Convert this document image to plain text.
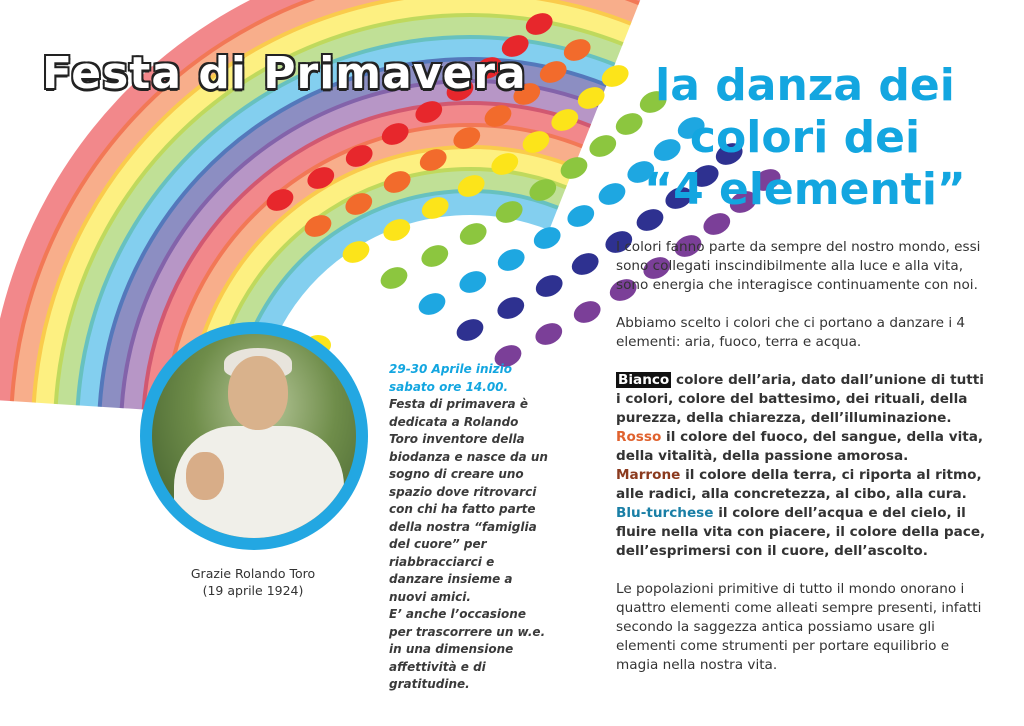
Festa di Primavera	la danza dei
colori dei
“4 elementi”
Grazie Rolando Toro
(19 aprile 1924)
29-30 Aprile inizio sabato ore 14.00.
Festa di primavera è dedicata a Rolando Toro inventore della biodanza e nasce da un sogno di creare uno spazio dove ritrovarci con chi ha fatto parte della nostra “famiglia del cuore” per riabbracciarci e danzare insieme a nuovi amici.
E’ anche l’occasione per trascorrere un w.e. in una dimensione affettività e di gratitudine.

I colori fanno parte da sempre del nostro mondo, essi sono collegati inscindibilmente alla luce e alla vita, sono energia che interagisce continuamente con noi.

Abbiamo scelto i colori che ci portano a danzare i 4 elementi: aria, fuoco, terra e acqua.

Bianco colore dell’aria, dato dall’unione di tutti i colori, colore del battesimo, dei rituali, della purezza, della chiarezza, dell’illuminazione.
Rosso il colore del fuoco, del sangue, della vita, della vitalità, della passione amorosa.
Marrone il colore della terra, ci riporta al ritmo, alle radici, alla concretezza, al cibo, alla cura.
Blu-turchese il colore dell’acqua e del cielo, il fluire nella vita con piacere, il colore della pace, dell’esprimersi con il cuore, dell’ascolto.

Le popolazioni primitive di tutto il mondo onorano i quattro elementi come alleati sempre presenti, infatti secondo la saggezza antica possiamo usare gli elementi come strumenti per portare equilibrio e magia nella nostra vita.
